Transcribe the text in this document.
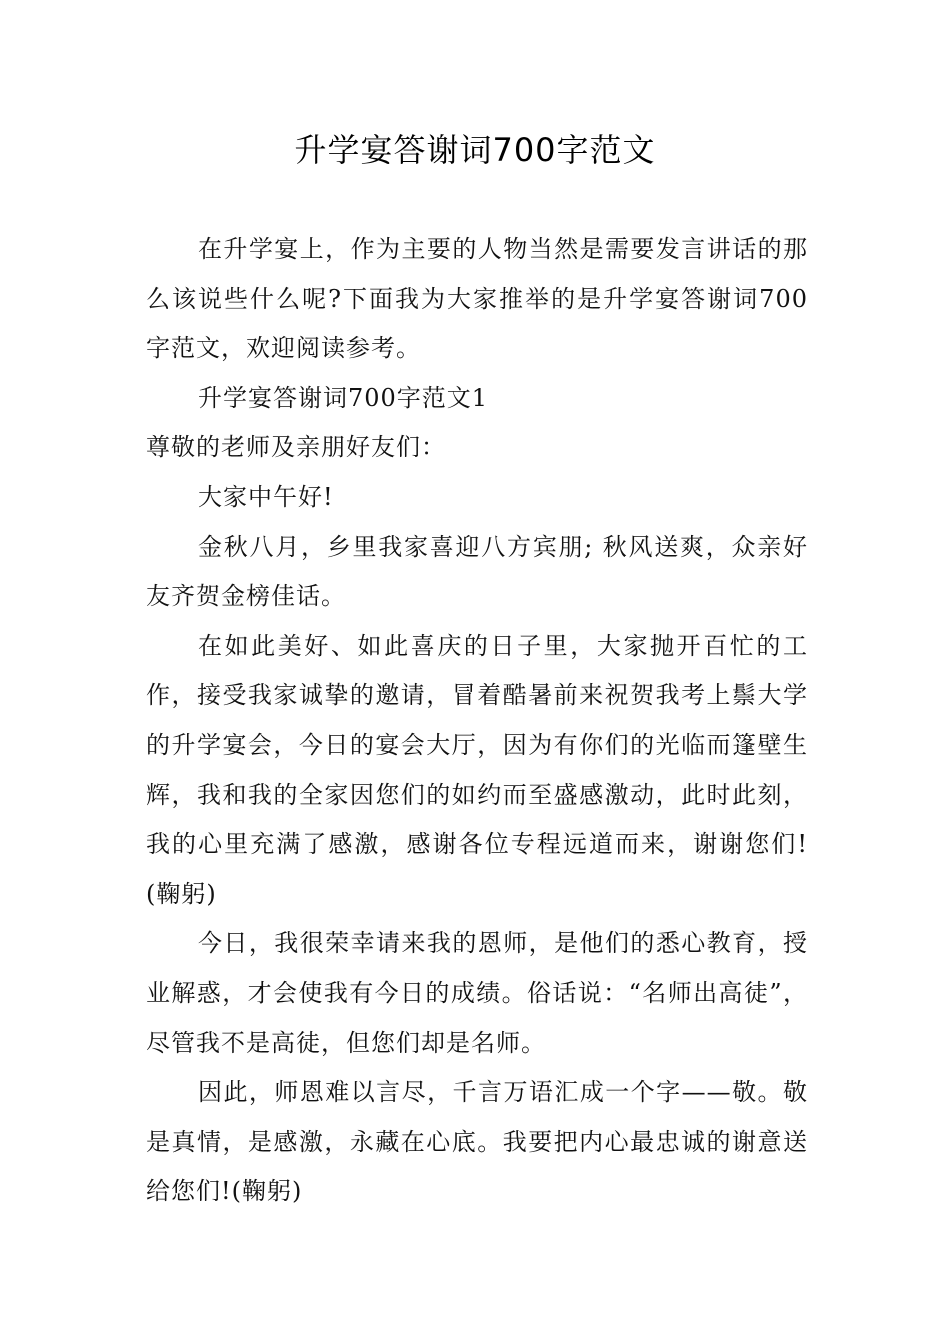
升学宴答谢词700字范文

在升学宴上，作为主要的人物当然是需要发言讲话的那么该说些什么呢?下面我为大家推举的是升学宴答谢词700字范文，欢迎阅读参考。

升学宴答谢词700字范文1

尊敬的老师及亲朋好友们：

大家中午好!

金秋八月，乡里我家喜迎八方宾朋; 秋风送爽，众亲好友齐贺金榜佳话。

在如此美好、如此喜庆的日子里，大家抛开百忙的工作，接受我家诚挚的邀请，冒着酷暑前来祝贺我考上鬃大学的升学宴会，今日的宴会大厅，因为有你们的光临而篷壁生辉，我和我的全家因您们的如约而至盛感激动，此时此刻，我的心里充满了感激，感谢各位专程远道而来，谢谢您们!(鞠躬)

今日，我很荣幸请来我的恩师，是他们的悉心教育，授业解惑，才会使我有今日的成绩。俗话说：“名师出高徒”，尽管我不是高徒，但您们却是名师。

因此，师恩难以言尽，千言万语汇成一个字——敬。敬是真情，是感激，永藏在心底。我要把内心最忠诚的谢意送给您们!(鞠躬)
